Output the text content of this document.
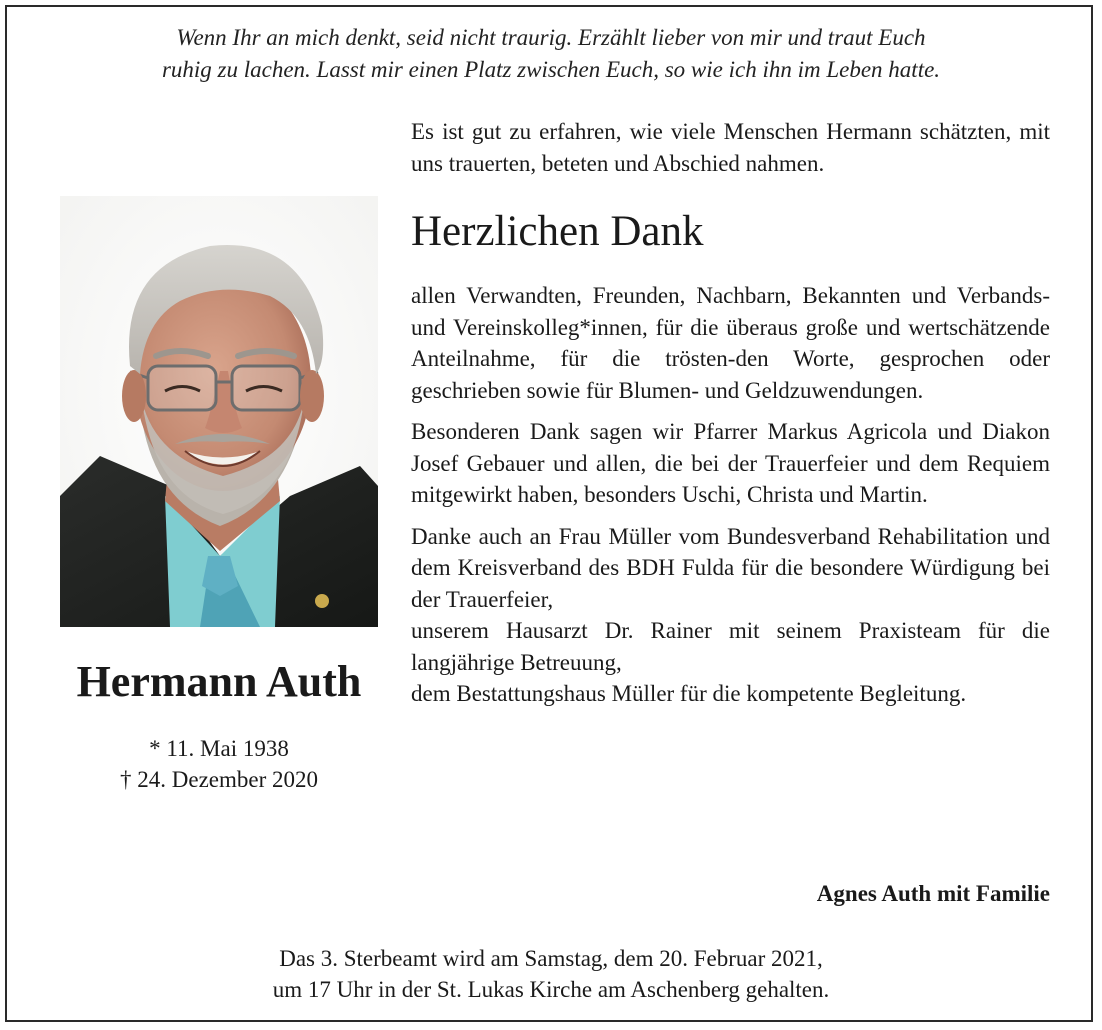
Wenn Ihr an mich denkt, seid nicht traurig. Erzählt lieber von mir und traut Euch
ruhig zu lachen. Lasst mir einen Platz zwischen Euch, so wie ich ihn im Leben hatte.
Hermann Auth
* 11. Mai 1938
† 24. Dezember 2020

Es ist gut zu erfahren, wie viele Menschen Hermann schätzten, mit uns trauerten, beteten und Abschied nahmen.

Herzlichen Dank

allen Verwandten, Freunden, Nachbarn, Bekannten und Verbands- und Vereinskolleg*innen, für die überaus große und wertschätzende Anteilnahme, für die trösten-den Worte, gesprochen oder geschrieben sowie für Blumen- und Geldzuwendungen.

Besonderen Dank sagen wir Pfarrer Markus Agricola und Diakon Josef Gebauer und allen, die bei der Trauerfeier und dem Requiem mitgewirkt haben, besonders Uschi, Christa und Martin.

Danke auch an Frau Müller vom Bundesverband Rehabilitation und dem Kreisverband des BDH Fulda für die besondere Würdigung bei der Trauerfeier,
unserem Hausarzt Dr. Rainer mit seinem Praxisteam für die langjährige Betreuung,
dem Bestattungshaus Müller für die kompetente Begleitung.
Agnes Auth mit Familie
Das 3. Sterbeamt wird am Samstag, dem 20. Februar 2021,
um 17 Uhr in der St. Lukas Kirche am Aschenberg gehalten.
